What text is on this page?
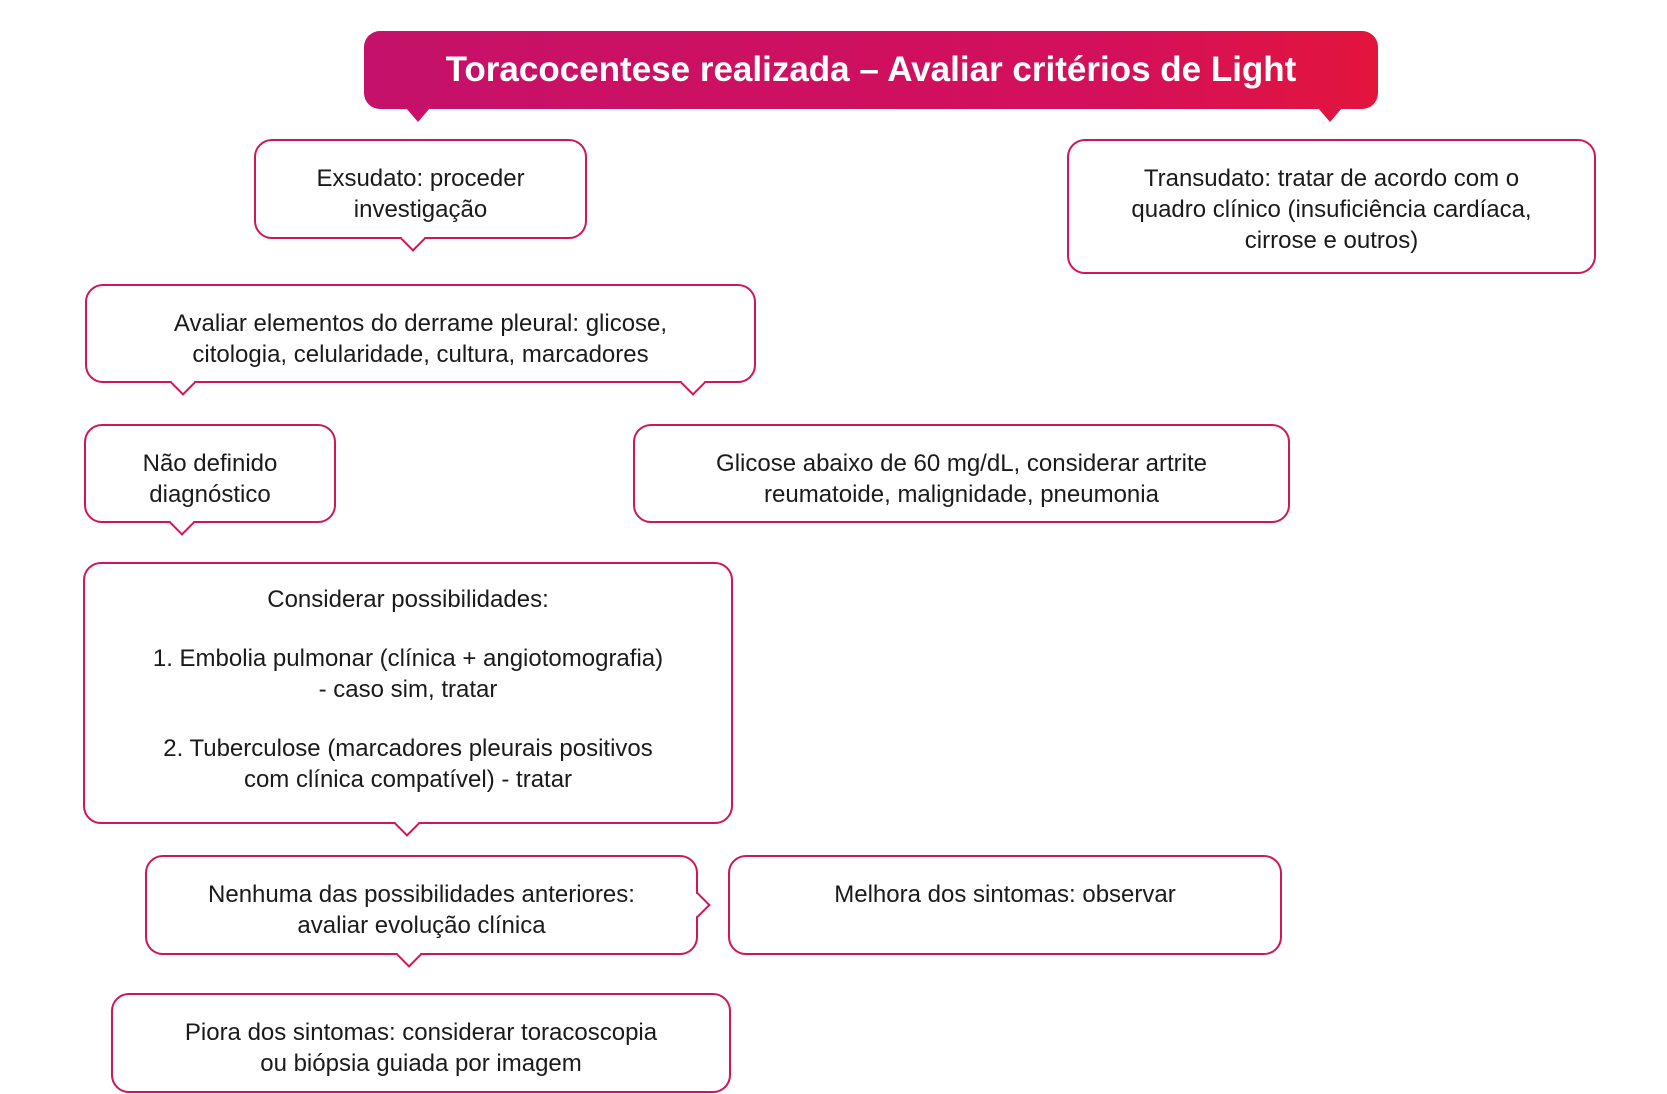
Toracocentese realizada – Avaliar critérios de Light
Exsudato: proceder
investigação
Transudato: tratar de acordo com o
quadro clínico (insuficiência cardíaca,
cirrose e outros)
Avaliar elementos do derrame pleural: glicose,
citologia, celularidade, cultura, marcadores
Não definido
diagnóstico
Glicose abaixo de 60 mg/dL, considerar artrite
reumatoide, malignidade, pneumonia
Considerar possibilidades:
1. Embolia pulmonar (clínica + angiotomografia)
- caso sim, tratar
2. Tuberculose (marcadores pleurais positivos
com clínica compatível) - tratar
Nenhuma das possibilidades anteriores:
avaliar evolução clínica
Melhora dos sintomas: observar
Piora dos sintomas: considerar toracoscopia
ou biópsia guiada por imagem
